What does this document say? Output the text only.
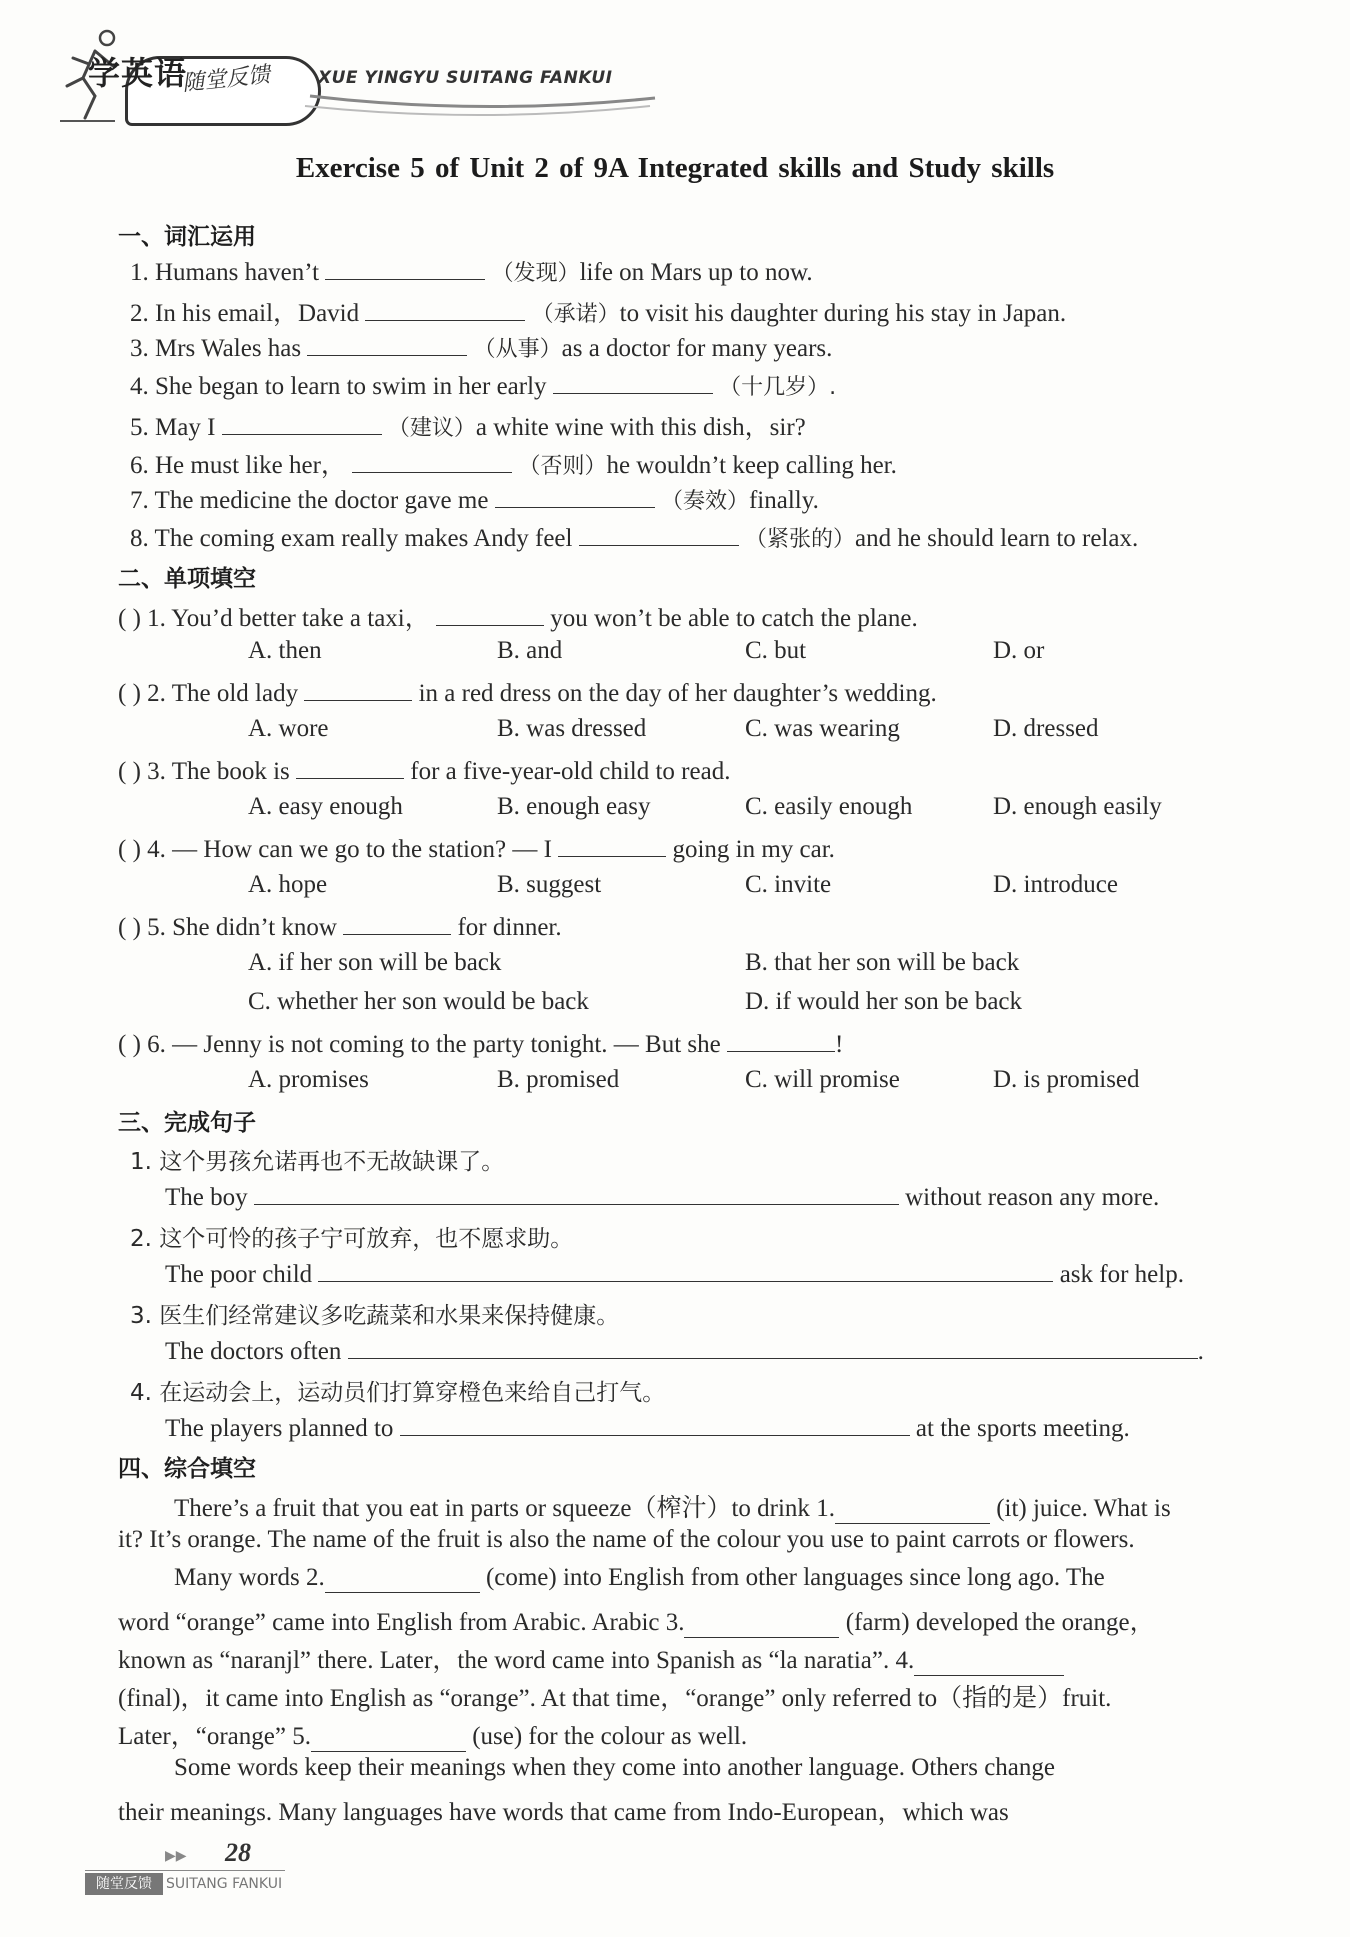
学英语
随堂反馈	XUE YINGYU SUITANG FANKUI
Exercise 5 of Unit 2 of 9A Integrated skills and Study skills
一、词汇运用
1. Humans haven’t	（发现）life on Mars up to now.
2. In his email，David	（承诺）to visit his daughter during his stay in Japan.
3. Mrs Wales has	（从事）as a doctor for many years.
4. She began to learn to swim in her early	（十几岁）.
5. May I	（建议）a white wine with this dish，sir?
6. He must like her，	（否则）he wouldn’t keep calling her.
7. The medicine the doctor gave me	（奏效）finally.
8. The coming exam really makes Andy feel	（紧张的）and he should learn to relax.
二、单项填空
( ) 1. You’d better take a taxi，	you won’t be able to catch the plane.
A. then	B. and	C. but	D. or
( ) 2. The old lady	in a red dress on the day of her daughter’s wedding.
A. wore	B. was dressed	C. was wearing	D. dressed
( ) 3. The book is	for a five-year-old child to read.
A. easy enough	B. enough easy	C. easily enough	D. enough easily
( ) 4. — How can we go to the station? — I	going in my car.
A. hope	B. suggest	C. invite	D. introduce
( ) 5. She didn’t know	for dinner.
A. if her son will be back	B. that her son will be back
C. whether her son would be back	D. if would her son be back
( ) 6. — Jenny is not coming to the party tonight. — But she	!
A. promises	B. promised	C. will promise	D. is promised
三、完成句子
1. 这个男孩允诺再也不无故缺课了。
The boy	without reason any more.
2. 这个可怜的孩子宁可放弃，也不愿求助。
The poor child	ask for help.
3. 医生们经常建议多吃蔬菜和水果来保持健康。
The doctors often	.
4. 在运动会上，运动员们打算穿橙色来给自己打气。
The players planned to	at the sports meeting.
四、综合填空
There’s a fruit that you eat in parts or squeeze（榨汁）to drink 1.	(it) juice. What is
it? It’s orange. The name of the fruit is also the name of the colour you use to paint carrots or flowers.
Many words 2.	(come) into English from other languages since long ago. The
word “orange” came into English from Arabic. Arabic 3.	(farm) developed the orange，
known as “naranjl” there. Later，the word came into Spanish as “la naratia”. 4.
(final)，it came into English as “orange”. At that time，“orange” only referred to（指的是）fruit.
Later，“orange” 5.	(use) for the colour as well.
Some words keep their meanings when they come into another language. Others change
their meanings. Many languages have words that came from Indo-European，which was
▶▶ 28
随堂反馈	SUITANG FANKUI
